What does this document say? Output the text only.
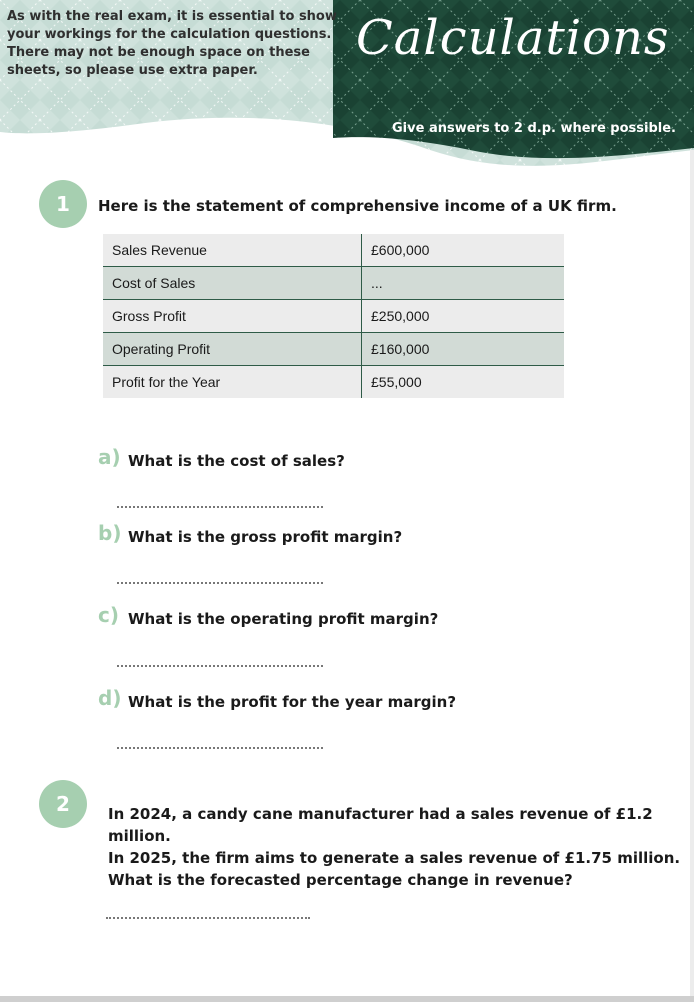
As with the real exam, it is essential to show your workings for the calculation questions. There may not be enough space on these sheets, so please use extra paper.
Calculations
Give answers to 2 d.p. where possible.
1	Here is the statement of comprehensive income of a UK firm.
Sales Revenue	£600,000
Cost of Sales	...
Gross Profit	£250,000
Operating Profit	£160,000
Profit for the Year	£55,000
a) What is the cost of sales?
b) What is the gross profit margin?
c) What is the operating profit margin?
d) What is the profit for the year margin?
2	In 2024, a candy cane manufacturer had a sales revenue of £1.2 million.
In 2025, the firm aims to generate a sales revenue of £1.75 million.
What is the forecasted percentage change in revenue?
